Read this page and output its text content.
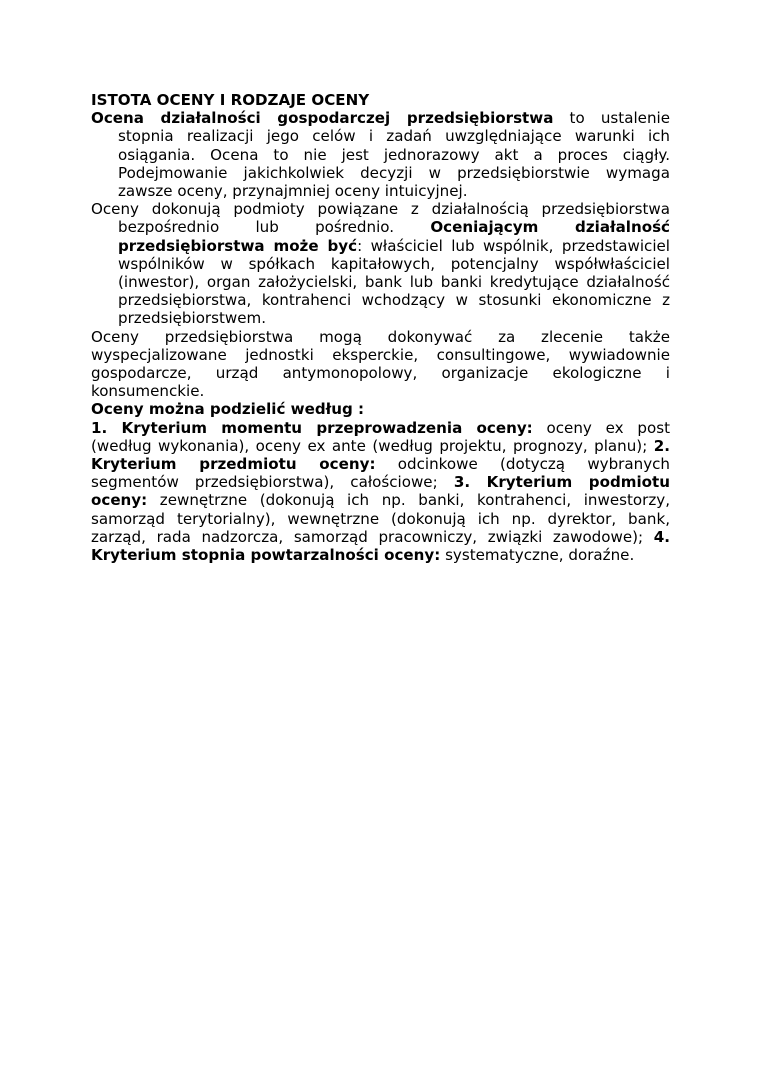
ISTOTA OCENY I RODZAJE OCENY

Ocena działalności gospodarczej przedsiębiorstwa to ustalenie stopnia realizacji jego celów i zadań uwzględniające warunki ich osiągania. Ocena to nie jest jednorazowy akt a proces ciągły. Podejmowanie jakichkolwiek decyzji w przedsiębiorstwie wymaga zawsze oceny, przynajmniej oceny intuicyjnej.

Oceny dokonują podmioty powiązane z działalnością przedsiębiorstwa bezpośrednio lub pośrednio. Oceniającym działalność przedsiębiorstwa może być: właściciel lub wspólnik, przedstawiciel wspólników w spółkach kapitałowych, potencjalny współwłaściciel (inwestor), organ założycielski, bank lub banki kredytujące działalność przedsiębiorstwa, kontrahenci wchodzący w stosunki ekonomiczne z przedsiębiorstwem.

Oceny przedsiębiorstwa mogą dokonywać za zlecenie także wyspecjalizowane jednostki eksperckie, consultingowe, wywiadownie gospodarcze, urząd antymonopolowy, organizacje ekologiczne i konsumenckie.

Oceny można podzielić według :

1. Kryterium momentu przeprowadzenia oceny: oceny ex post (według wykonania), oceny ex ante (według projektu, prognozy, planu); 2. Kryterium przedmiotu oceny: odcinkowe (dotyczą wybranych segmentów przedsiębiorstwa), całościowe; 3. Kryterium podmiotu oceny: zewnętrzne (dokonują ich np. banki, kontrahenci, inwestorzy, samorząd terytorialny), wewnętrzne (dokonują ich np. dyrektor, bank, zarząd, rada nadzorcza, samorząd pracowniczy, związki zawodowe); 4. Kryterium stopnia powtarzalności oceny: systematyczne, doraźne.
